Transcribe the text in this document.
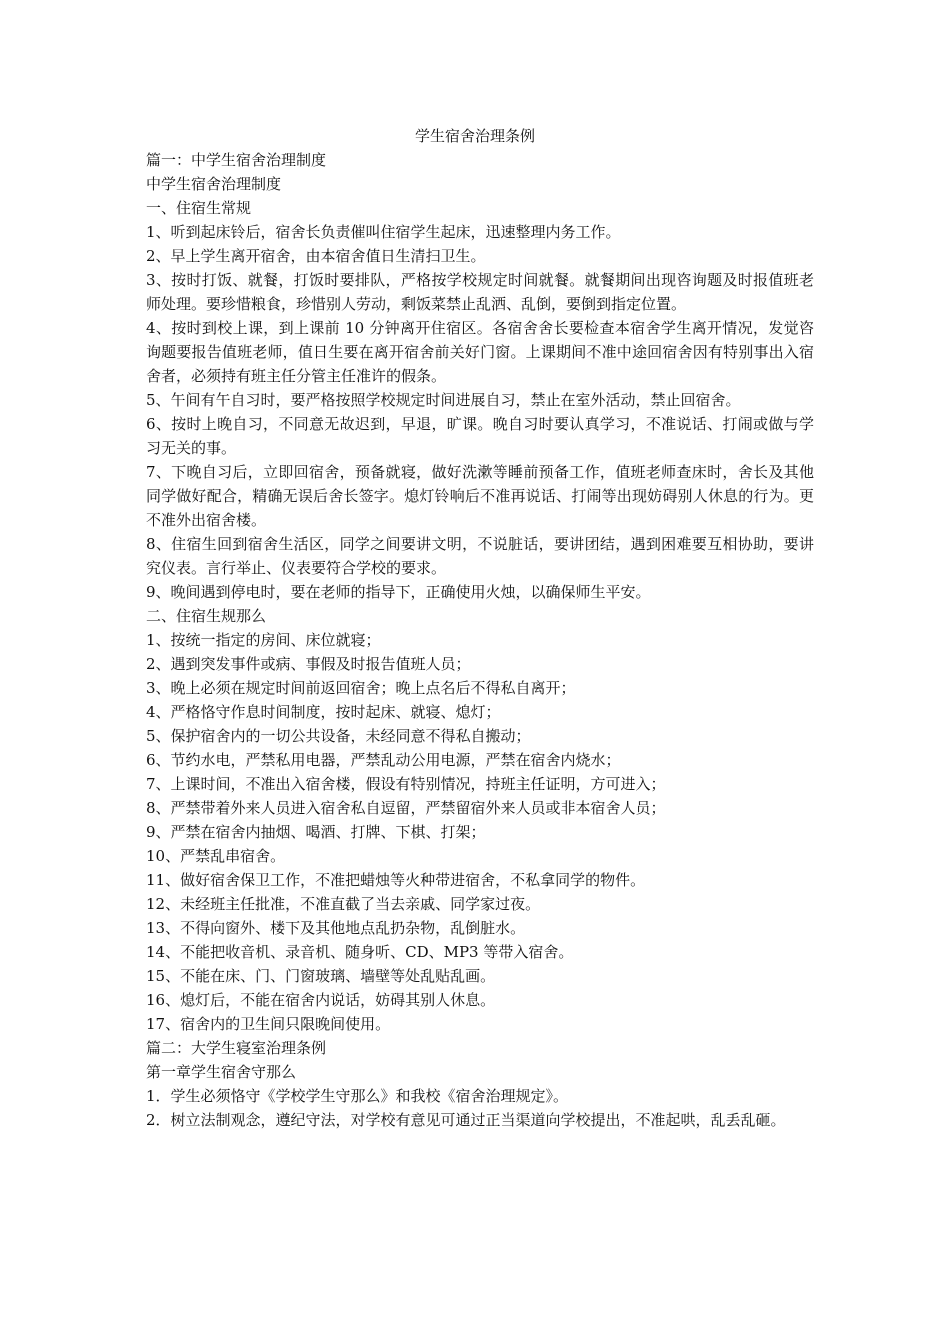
学生宿舍治理条例

篇一：中学生宿舍治理制度

中学生宿舍治理制度

一、住宿生常规

1、听到起床铃后，宿舍长负责催叫住宿学生起床，迅速整理内务工作。

2、早上学生离开宿舍，由本宿舍值日生清扫卫生。

3、按时打饭、就餐，打饭时要排队，严格按学校规定时间就餐。就餐期间出现咨询题及时报值班老师处理。要珍惜粮食，珍惜别人劳动，剩饭菜禁止乱洒、乱倒，要倒到指定位置。

4、按时到校上课，到上课前 10 分钟离开住宿区。各宿舍舍长要检查本宿舍学生离开情况，发觉咨询题要报告值班老师，值日生要在离开宿舍前关好门窗。上课期间不准中途回宿舍因有特别事出入宿舍者，必须持有班主任分管主任准许的假条。

5、午间有午自习时，要严格按照学校规定时间进展自习，禁止在室外活动，禁止回宿舍。

6、按时上晚自习，不同意无故迟到，早退，旷课。晚自习时要认真学习，不准说话、打闹或做与学习无关的事。

7、下晚自习后，立即回宿舍，预备就寝，做好洗漱等睡前预备工作，值班老师查床时，舍长及其他同学做好配合，精确无误后舍长签字。熄灯铃响后不准再说话、打闹等出现妨碍别人休息的行为。更不准外出宿舍楼。

8、住宿生回到宿舍生活区，同学之间要讲文明，不说脏话，要讲团结，遇到困难要互相协助，要讲究仪表。言行举止、仪表要符合学校的要求。

9、晚间遇到停电时，要在老师的指导下，正确使用火烛，以确保师生平安。

二、住宿生规那么

1、按统一指定的房间、床位就寝；

2、遇到突发事件或病、事假及时报告值班人员；

3、晚上必须在规定时间前返回宿舍；晚上点名后不得私自离开；

4、严格恪守作息时间制度，按时起床、就寝、熄灯；

5、保护宿舍内的一切公共设备，未经同意不得私自搬动；

6、节约水电，严禁私用电器，严禁乱动公用电源，严禁在宿舍内烧水；

7、上课时间，不准出入宿舍楼，假设有特别情况，持班主任证明，方可进入；

8、严禁带着外来人员进入宿舍私自逗留，严禁留宿外来人员或非本宿舍人员；

9、严禁在宿舍内抽烟、喝酒、打牌、下棋、打架；

10、严禁乱串宿舍。

11、做好宿舍保卫工作，不准把蜡烛等火种带进宿舍，不私拿同学的物件。

12、未经班主任批准，不准直截了当去亲戚、同学家过夜。

13、不得向窗外、楼下及其他地点乱扔杂物，乱倒脏水。

14、不能把收音机、录音机、随身听、CD、MP3 等带入宿舍。

15、不能在床、门、门窗玻璃、墙壁等处乱贴乱画。

16、熄灯后，不能在宿舍内说话，妨碍其别人休息。

17、宿舍内的卫生间只限晚间使用。

篇二：大学生寝室治理条例

第一章学生宿舍守那么

1．学生必须恪守《学校学生守那么》和我校《宿舍治理规定》。

2．树立法制观念，遵纪守法，对学校有意见可通过正当渠道向学校提出，不准起哄，乱丢乱砸。
